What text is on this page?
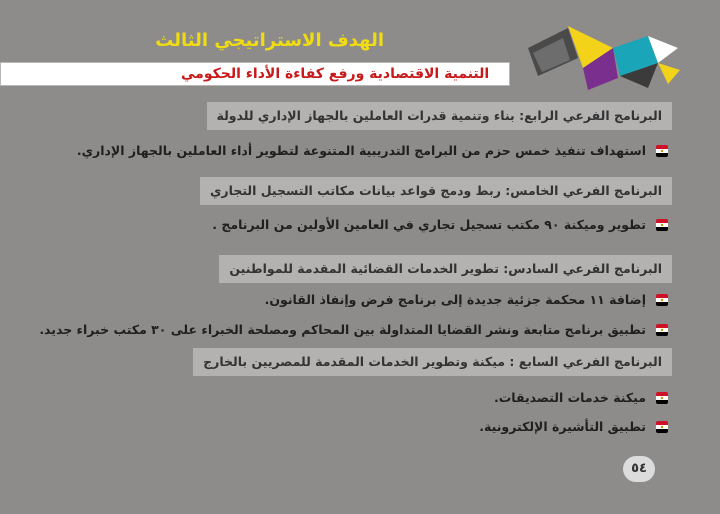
الهدف الاستراتيجي الثالث
التنمية الاقتصادية ورفع كفاءة الأداء الحكومي
البرنامج الفرعي الرابع: بناء وتنمية قدرات العاملين بالجهاز الإداري للدولة
استهداف تنفيذ خمس حزم من البرامج التدريبية المتنوعة لتطوير أداء العاملين بالجهاز الإداري.
البرنامج الفرعي الخامس: ربط ودمج قواعد بيانات مكاتب التسجيل التجاري
تطوير وميكنة ٩٠ مكتب تسجيل تجاري في العامين الأولين من البرنامج .
البرنامج الفرعي السادس: تطوير الخدمات القضائية المقدمة للمواطنين
إضافة ١١ محكمة جزئية جديدة إلى برنامج فرض وإنفاذ القانون.
تطبيق برنامج متابعة ونشر القضايا المتداولة بين المحاكم ومصلحة الخبراء على ٣٠ مكتب خبراء جديد.
البرنامج الفرعي السابع : ميكنة وتطوير الخدمات المقدمة للمصريين بالخارج
ميكنة خدمات التصديقات.
تطبيق التأشيرة الإلكترونية.
٥٤
